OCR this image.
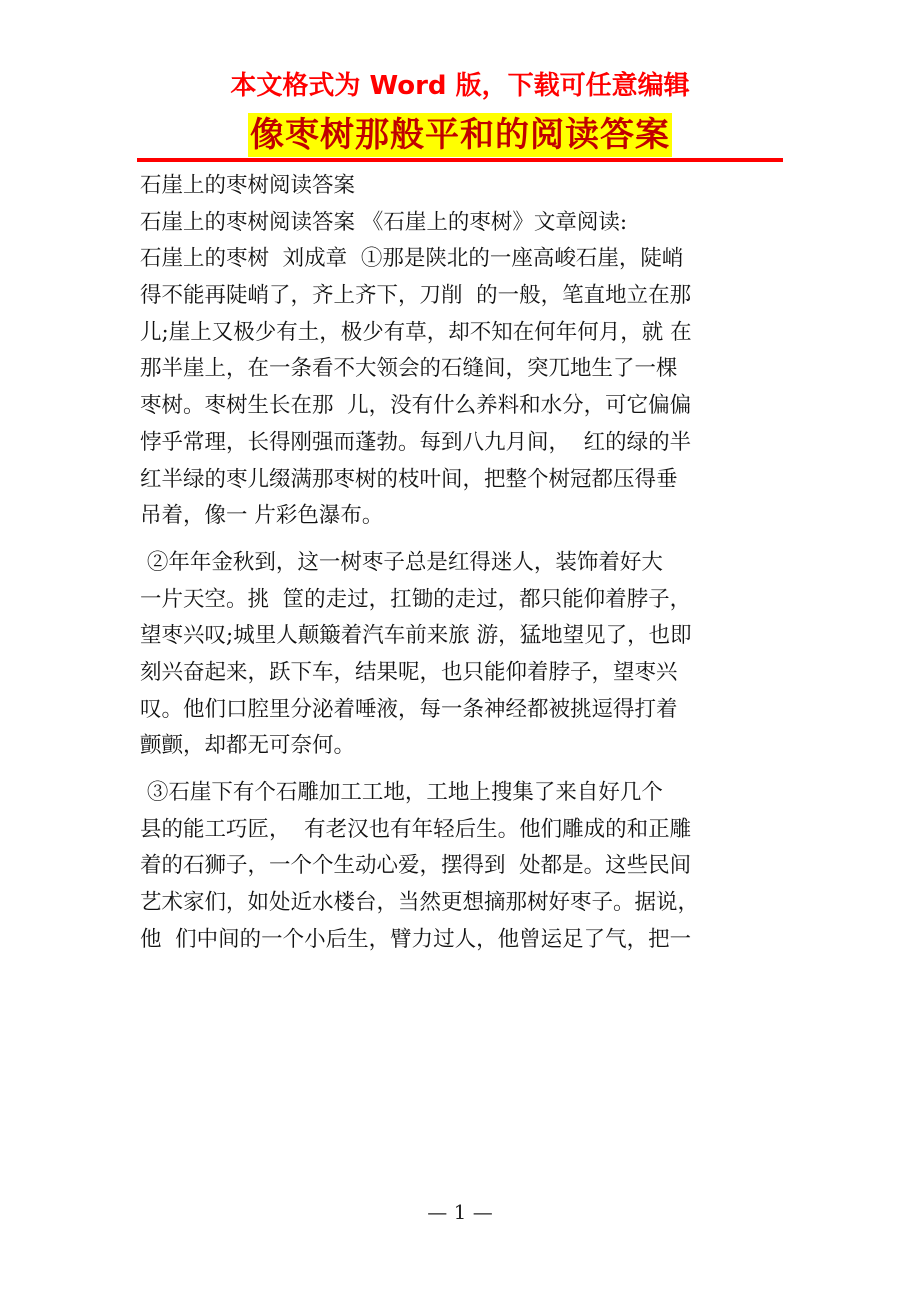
本文格式为 Word 版，下载可任意编辑
像枣树那般平和的阅读答案
石崖上的枣树阅读答案
石崖上的枣树阅读答案 《石崖上的枣树》文章阅读:
石崖上的枣树  刘成章  ①那是陕北的一座高峻石崖，陡峭
得不能再陡峭了，齐上齐下，刀削  的一般，笔直地立在那
儿;崖上又极少有土，极少有草，却不知在何年何月，就 在
那半崖上，在一条看不大领会的石缝间，突兀地生了一棵
枣树。枣树生长在那  儿，没有什么养料和水分，可它偏偏
悖乎常理，长得刚强而蓬勃。每到八九月间，  红的绿的半
红半绿的枣儿缀满那枣树的枝叶间，把整个树冠都压得垂
吊着，像一 片彩色瀑布。
②年年金秋到，这一树枣子总是红得迷人，装饰着好大
一片天空。挑  筐的走过，扛锄的走过，都只能仰着脖子，
望枣兴叹;城里人颠簸着汽车前来旅 游，猛地望见了，也即
刻兴奋起来，跃下车，结果呢，也只能仰着脖子，望枣兴
叹。他们口腔里分泌着唾液，每一条神经都被挑逗得打着
颤颤，却都无可奈何。
③石崖下有个石雕加工工地，工地上搜集了来自好几个
县的能工巧匠，  有老汉也有年轻后生。他们雕成的和正雕
着的石狮子，一个个生动心爱，摆得到  处都是。这些民间
艺术家们，如处近水楼台，当然更想摘那树好枣子。据说，
他  们中间的一个小后生，臂力过人，他曾运足了气，把一
— 1 —
